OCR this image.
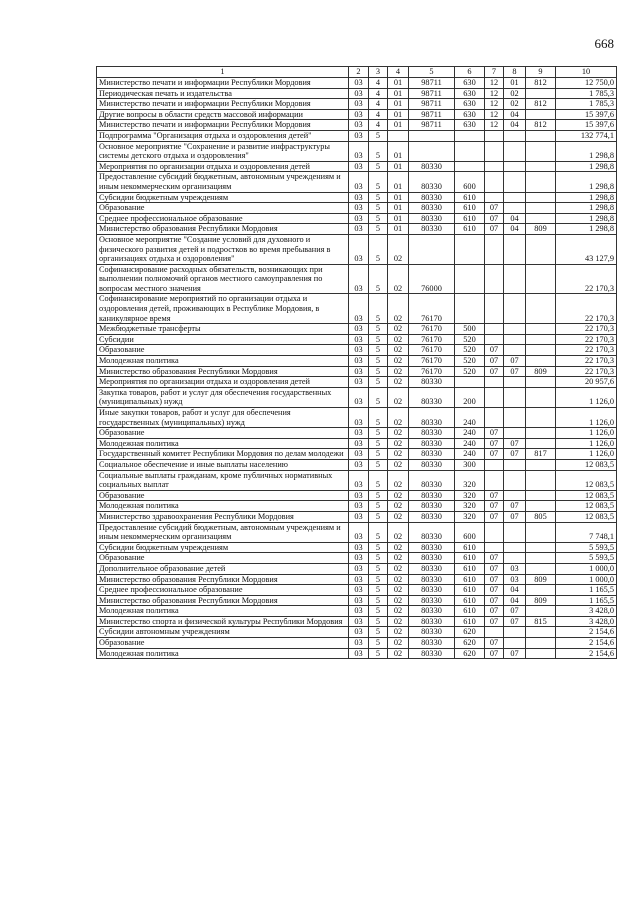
668
1	2	3	4	5	6	7	8	9	10
Министерство печати и информации Республики Мордовия	03	4	01	98711	630	12	01	812	12 750,0
Периодическая печать и издательства	03	4	01	98711	630	12	02		1 785,3
Министерство печати и информации Республики Мордовия	03	4	01	98711	630	12	02	812	1 785,3
Другие вопросы в области средств массовой информации	03	4	01	98711	630	12	04		15 397,6
Министерство печати и информации Республики Мордовия	03	4	01	98711	630	12	04	812	15 397,6
Подпрограмма "Организация отдыха и оздоровления детей"	03	5							132 774,1
Основное мероприятие "Сохранение и развитие инфраструктуры системы детского отдыха и оздоровления"	03	5	01						1 298,8
Мероприятия по организации отдыха и оздоровления детей	03	5	01	80330					1 298,8
Предоставление субсидий бюджетным, автономным учреждениям и иным некоммерческим организациям	03	5	01	80330	600				1 298,8
Субсидии бюджетным учреждениям	03	5	01	80330	610				1 298,8
Образование	03	5	01	80330	610	07			1 298,8
Среднее профессиональное образование	03	5	01	80330	610	07	04		1 298,8
Министерство образования Республики Мордовия	03	5	01	80330	610	07	04	809	1 298,8
Основное мероприятие "Создание условий для духовного и физического развития детей и подростков во время пребывания в организациях отдыха и оздоровления"	03	5	02						43 127,9
Софинансирование расходных обязательств, возникающих при выполнении полномочий органов местного самоуправления по вопросам местного значения	03	5	02	76000					22 170,3
Софинансирование мероприятий по организации отдыха и оздоровления детей, проживающих в Республике Мордовия, в каникулярное время	03	5	02	76170					22 170,3
Межбюджетные трансферты	03	5	02	76170	500				22 170,3
Субсидии	03	5	02	76170	520				22 170,3
Образование	03	5	02	76170	520	07			22 170,3
Молодежная политика	03	5	02	76170	520	07	07		22 170,3
Министерство образования Республики Мордовия	03	5	02	76170	520	07	07	809	22 170,3
Мероприятия по организации отдыха и оздоровления детей	03	5	02	80330					20 957,6
Закупка товаров, работ и услуг для обеспечения государственных (муниципальных) нужд	03	5	02	80330	200				1 126,0
Иные закупки товаров, работ и услуг для обеспечения государственных (муниципальных) нужд	03	5	02	80330	240				1 126,0
Образование	03	5	02	80330	240	07			1 126,0
Молодежная политика	03	5	02	80330	240	07	07		1 126,0
Государственный комитет Республики Мордовия по делам молодежи	03	5	02	80330	240	07	07	817	1 126,0
Социальное обеспечение и иные выплаты населению	03	5	02	80330	300				12 083,5
Социальные выплаты гражданам, кроме публичных нормативных социальных выплат	03	5	02	80330	320				12 083,5
Образование	03	5	02	80330	320	07			12 083,5
Молодежная политика	03	5	02	80330	320	07	07		12 083,5
Министерство здравоохранения Республики Мордовия	03	5	02	80330	320	07	07	805	12 083,5
Предоставление субсидий бюджетным, автономным учреждениям и иным некоммерческим организациям	03	5	02	80330	600				7 748,1
Субсидии бюджетным учреждениям	03	5	02	80330	610				5 593,5
Образование	03	5	02	80330	610	07			5 593,5
Дополнительное образование детей	03	5	02	80330	610	07	03		1 000,0
Министерство образования Республики Мордовия	03	5	02	80330	610	07	03	809	1 000,0
Среднее профессиональное образование	03	5	02	80330	610	07	04		1 165,5
Министерство образования Республики Мордовия	03	5	02	80330	610	07	04	809	1 165,5
Молодежная политика	03	5	02	80330	610	07	07		3 428,0
Министерство спорта и физической культуры Республики Мордовия	03	5	02	80330	610	07	07	815	3 428,0
Субсидии автономным учреждениям	03	5	02	80330	620				2 154,6
Образование	03	5	02	80330	620	07			2 154,6
Молодежная политика	03	5	02	80330	620	07	07		2 154,6
